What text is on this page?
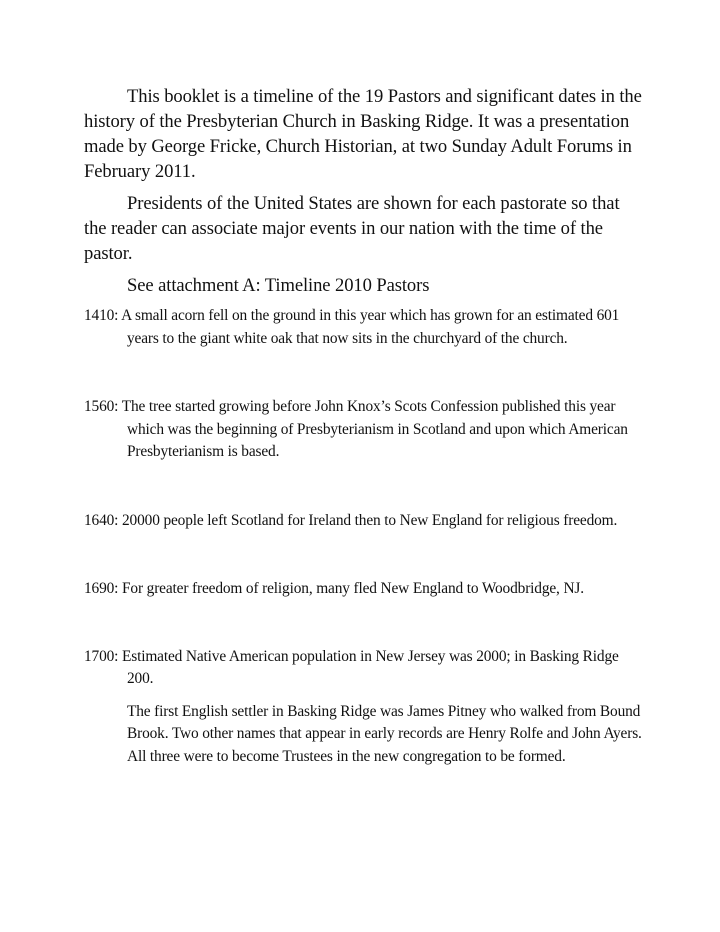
This booklet is a timeline of the 19 Pastors and significant dates in the history of the Presbyterian Church in Basking Ridge. It was a presentation made by George Fricke, Church Historian, at two Sunday Adult Forums in February 2011.

Presidents of the United States are shown for each pastorate so that the reader can associate major events in our nation with the time of the pastor.

See attachment A: Timeline 2010 Pastors

1410: A small acorn fell on the ground in this year which has grown for an estimated 601 years to the giant white oak that now sits in the churchyard of the church.

1560: The tree started growing before John Knox’s Scots Confession published this year which was the beginning of Presbyterianism in Scotland and upon which American Presbyterianism is based.

1640: 20000 people left Scotland for Ireland then to New England for religious freedom.

1690: For greater freedom of religion, many fled New England to Woodbridge, NJ.

1700: Estimated Native American population in New Jersey was 2000; in Basking Ridge 200.

The first English settler in Basking Ridge was James Pitney who walked from Bound Brook. Two other names that appear in early records are Henry Rolfe and John Ayers. All three were to become Trustees in the new congregation to be formed.
